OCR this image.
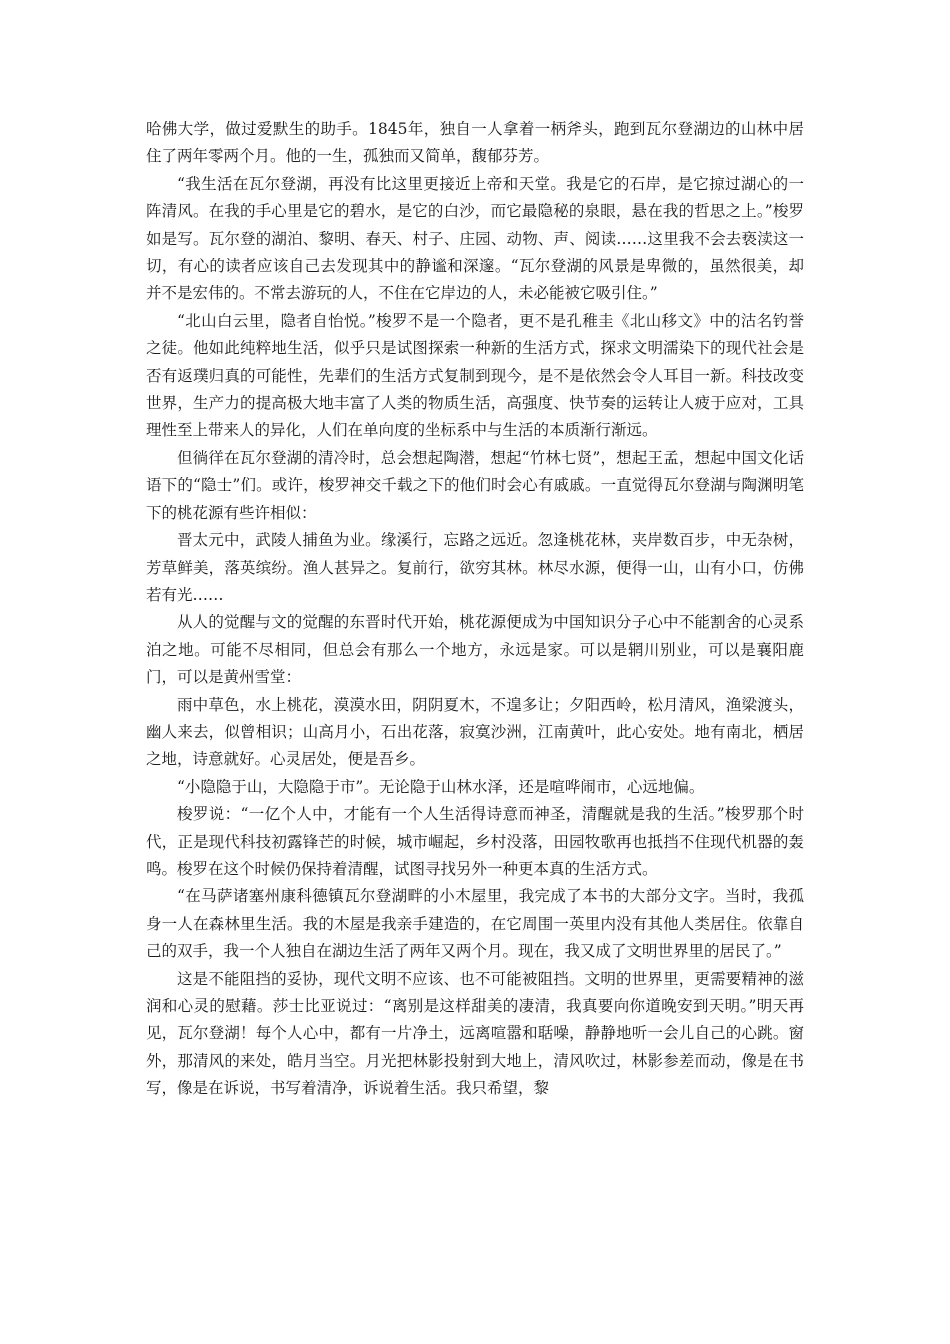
哈佛大学，做过爱默生的助手。1845年，独自一人拿着一柄斧头，跑到瓦尔登湖边的山林中居住了两年零两个月。他的一生，孤独而又简单，馥郁芬芳。

“我生活在瓦尔登湖，再没有比这里更接近上帝和天堂。我是它的石岸，是它掠过湖心的一阵清风。在我的手心里是它的碧水，是它的白沙，而它最隐秘的泉眼，悬在我的哲思之上。”梭罗如是写。瓦尔登的湖泊、黎明、春天、村子、庄园、动物、声、阅读……这里我不会去亵渎这一切，有心的读者应该自己去发现其中的静谧和深邃。“瓦尔登湖的风景是卑微的，虽然很美，却并不是宏伟的。不常去游玩的人，不住在它岸边的人，未必能被它吸引住。”

“北山白云里，隐者自怡悦。”梭罗不是一个隐者，更不是孔稚圭《北山移文》中的沽名钓誉之徒。他如此纯粹地生活，似乎只是试图探索一种新的生活方式，探求文明濡染下的现代社会是否有返璞归真的可能性，先辈们的生活方式复制到现今，是不是依然会令人耳目一新。科技改变世界，生产力的提高极大地丰富了人类的物质生活，高强度、快节奏的运转让人疲于应对，工具理性至上带来人的异化，人们在单向度的坐标系中与生活的本质渐行渐远。

但徜徉在瓦尔登湖的清冷时，总会想起陶潜，想起“竹林七贤”，想起王孟，想起中国文化话语下的“隐士”们。或许，梭罗神交千载之下的他们时会心有戚戚。一直觉得瓦尔登湖与陶渊明笔下的桃花源有些许相似：

晋太元中，武陵人捕鱼为业。缘溪行，忘路之远近。忽逢桃花林，夹岸数百步，中无杂树，芳草鲜美，落英缤纷。渔人甚异之。复前行，欲穷其林。林尽水源，便得一山，山有小口，仿佛若有光……

从人的觉醒与文的觉醒的东晋时代开始，桃花源便成为中国知识分子心中不能割舍的心灵系泊之地。可能不尽相同，但总会有那么一个地方，永远是家。可以是辋川别业，可以是襄阳鹿门，可以是黄州雪堂：

雨中草色，水上桃花，漠漠水田，阴阴夏木，不遑多让；夕阳西岭，松月清风，渔梁渡头，幽人来去，似曾相识；山高月小，石出花落，寂寞沙洲，江南黄叶，此心安处。地有南北，栖居之地，诗意就好。心灵居处，便是吾乡。

“小隐隐于山，大隐隐于市”。无论隐于山林水泽，还是喧哗闹市，心远地偏。

梭罗说：“一亿个人中，才能有一个人生活得诗意而神圣，清醒就是我的生活。”梭罗那个时代，正是现代科技初露锋芒的时候，城市崛起，乡村没落，田园牧歌再也抵挡不住现代机器的轰鸣。梭罗在这个时候仍保持着清醒，试图寻找另外一种更本真的生活方式。

“在马萨诸塞州康科德镇瓦尔登湖畔的小木屋里，我完成了本书的大部分文字。当时，我孤身一人在森林里生活。我的木屋是我亲手建造的，在它周围一英里内没有其他人类居住。依靠自己的双手，我一个人独自在湖边生活了两年又两个月。现在，我又成了文明世界里的居民了。”

这是不能阻挡的妥协，现代文明不应该、也不可能被阻挡。文明的世界里，更需要精神的滋润和心灵的慰藉。莎士比亚说过：“离别是这样甜美的凄清，我真要向你道晚安到天明。”明天再见，瓦尔登湖！每个人心中，都有一片净土，远离喧嚣和聒噪，静静地听一会儿自己的心跳。窗外，那清风的来处，皓月当空。月光把林影投射到大地上，清风吹过，林影参差而动，像是在书写，像是在诉说，书写着清净，诉说着生活。我只希望，黎
